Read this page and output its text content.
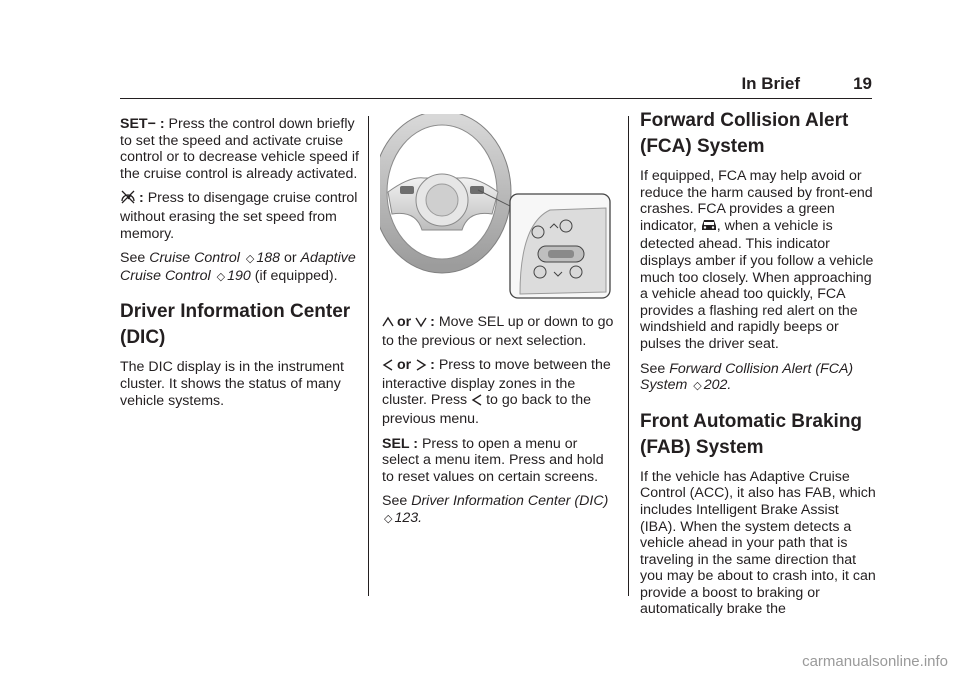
In Brief	19

SET− : Press the control down briefly to set the speed and activate cruise control or to decrease vehicle speed if the cruise control is already activated.

: Press to disengage cruise control without erasing the set speed from memory.

See Cruise Control ◇ 188 or Adaptive Cruise Control ◇ 190 (if equipped).

Driver Information Center (DIC)

The DIC display is in the instrument cluster. It shows the status of many vehicle systems.

or : Move SEL up or down to go to the previous or next selection.

or : Press to move between the interactive display zones in the cluster. Press to go back to the previous menu.

SEL : Press to open a menu or select a menu item. Press and hold to reset values on certain screens.

See Driver Information Center (DIC) ◇ 123.

Forward Collision Alert (FCA) System

If equipped, FCA may help avoid or reduce the harm caused by front-end crashes. FCA provides a green indicator, , when a vehicle is detected ahead. This indicator displays amber if you follow a vehicle much too closely. When approaching a vehicle ahead too quickly, FCA provides a flashing red alert on the windshield and rapidly beeps or pulses the driver seat.

See Forward Collision Alert (FCA) System ◇ 202.

Front Automatic Braking (FAB) System

If the vehicle has Adaptive Cruise Control (ACC), it also has FAB, which includes Intelligent Brake Assist (IBA). When the system detects a vehicle ahead in your path that is traveling in the same direction that you may be about to crash into, it can provide a boost to braking or automatically brake the

carmanualsonline.info
